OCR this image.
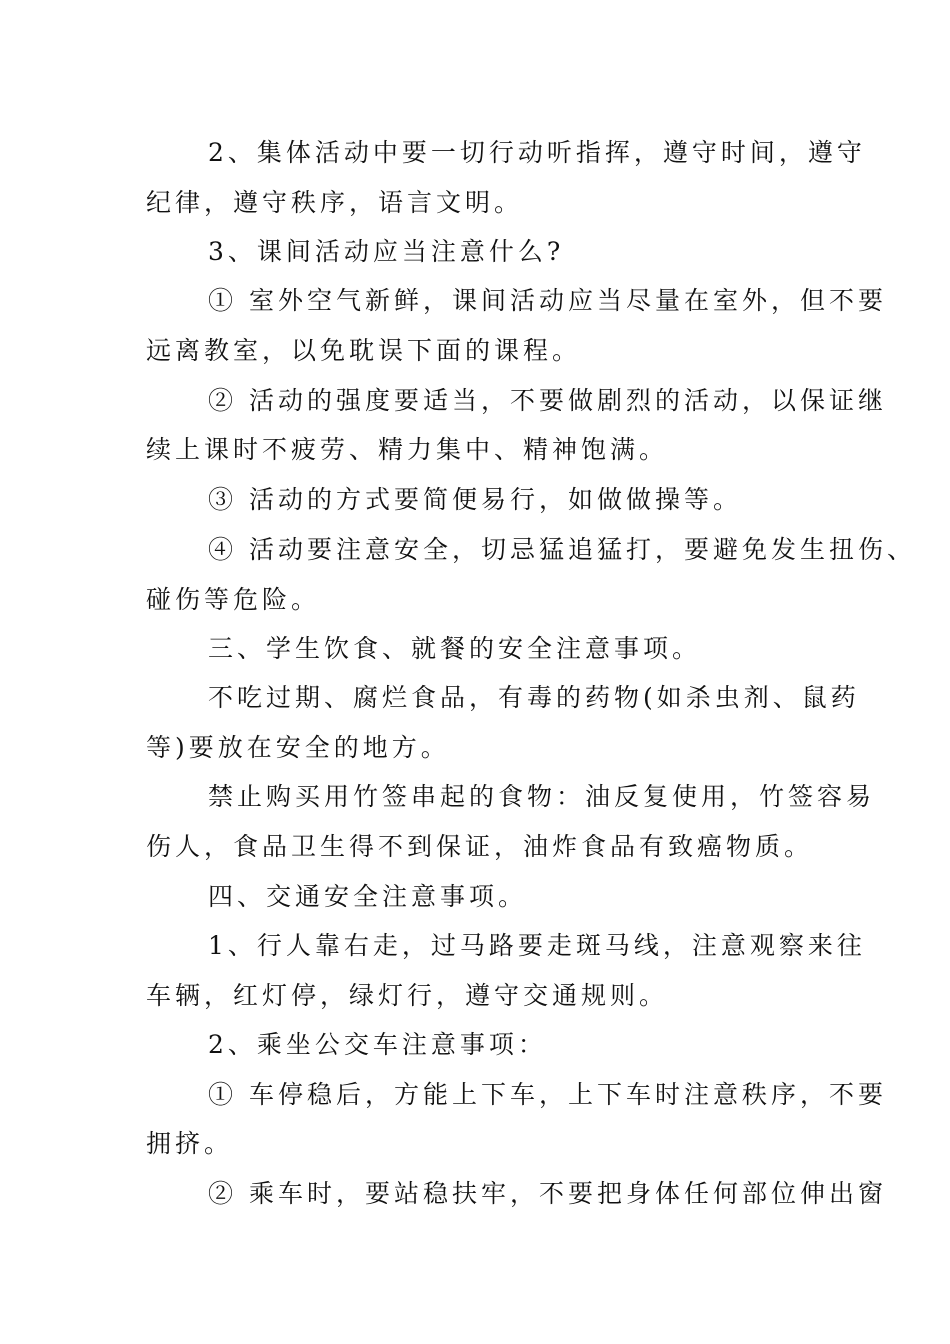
2、集体活动中要一切行动听指挥，遵守时间，遵守
纪律，遵守秩序，语言文明。
3、课间活动应当注意什么?
① 室外空气新鲜，课间活动应当尽量在室外，但不要
远离教室，以免耽误下面的课程。
② 活动的强度要适当，不要做剧烈的活动，以保证继
续上课时不疲劳、精力集中、精神饱满。
③ 活动的方式要简便易行，如做做操等。
④ 活动要注意安全，切忌猛追猛打，要避免发生扭伤、
碰伤等危险。
三、学生饮食、就餐的安全注意事项。
不吃过期、腐烂食品，有毒的药物(如杀虫剂、鼠药
等)要放在安全的地方。
禁止购买用竹签串起的食物：油反复使用，竹签容易
伤人，食品卫生得不到保证，油炸食品有致癌物质。
四、交通安全注意事项。
1、行人靠右走，过马路要走斑马线，注意观察来往
车辆，红灯停，绿灯行，遵守交通规则。
2、乘坐公交车注意事项：
① 车停稳后，方能上下车，上下车时注意秩序，不要
拥挤。
② 乘车时，要站稳扶牢，不要把身体任何部位伸出窗
